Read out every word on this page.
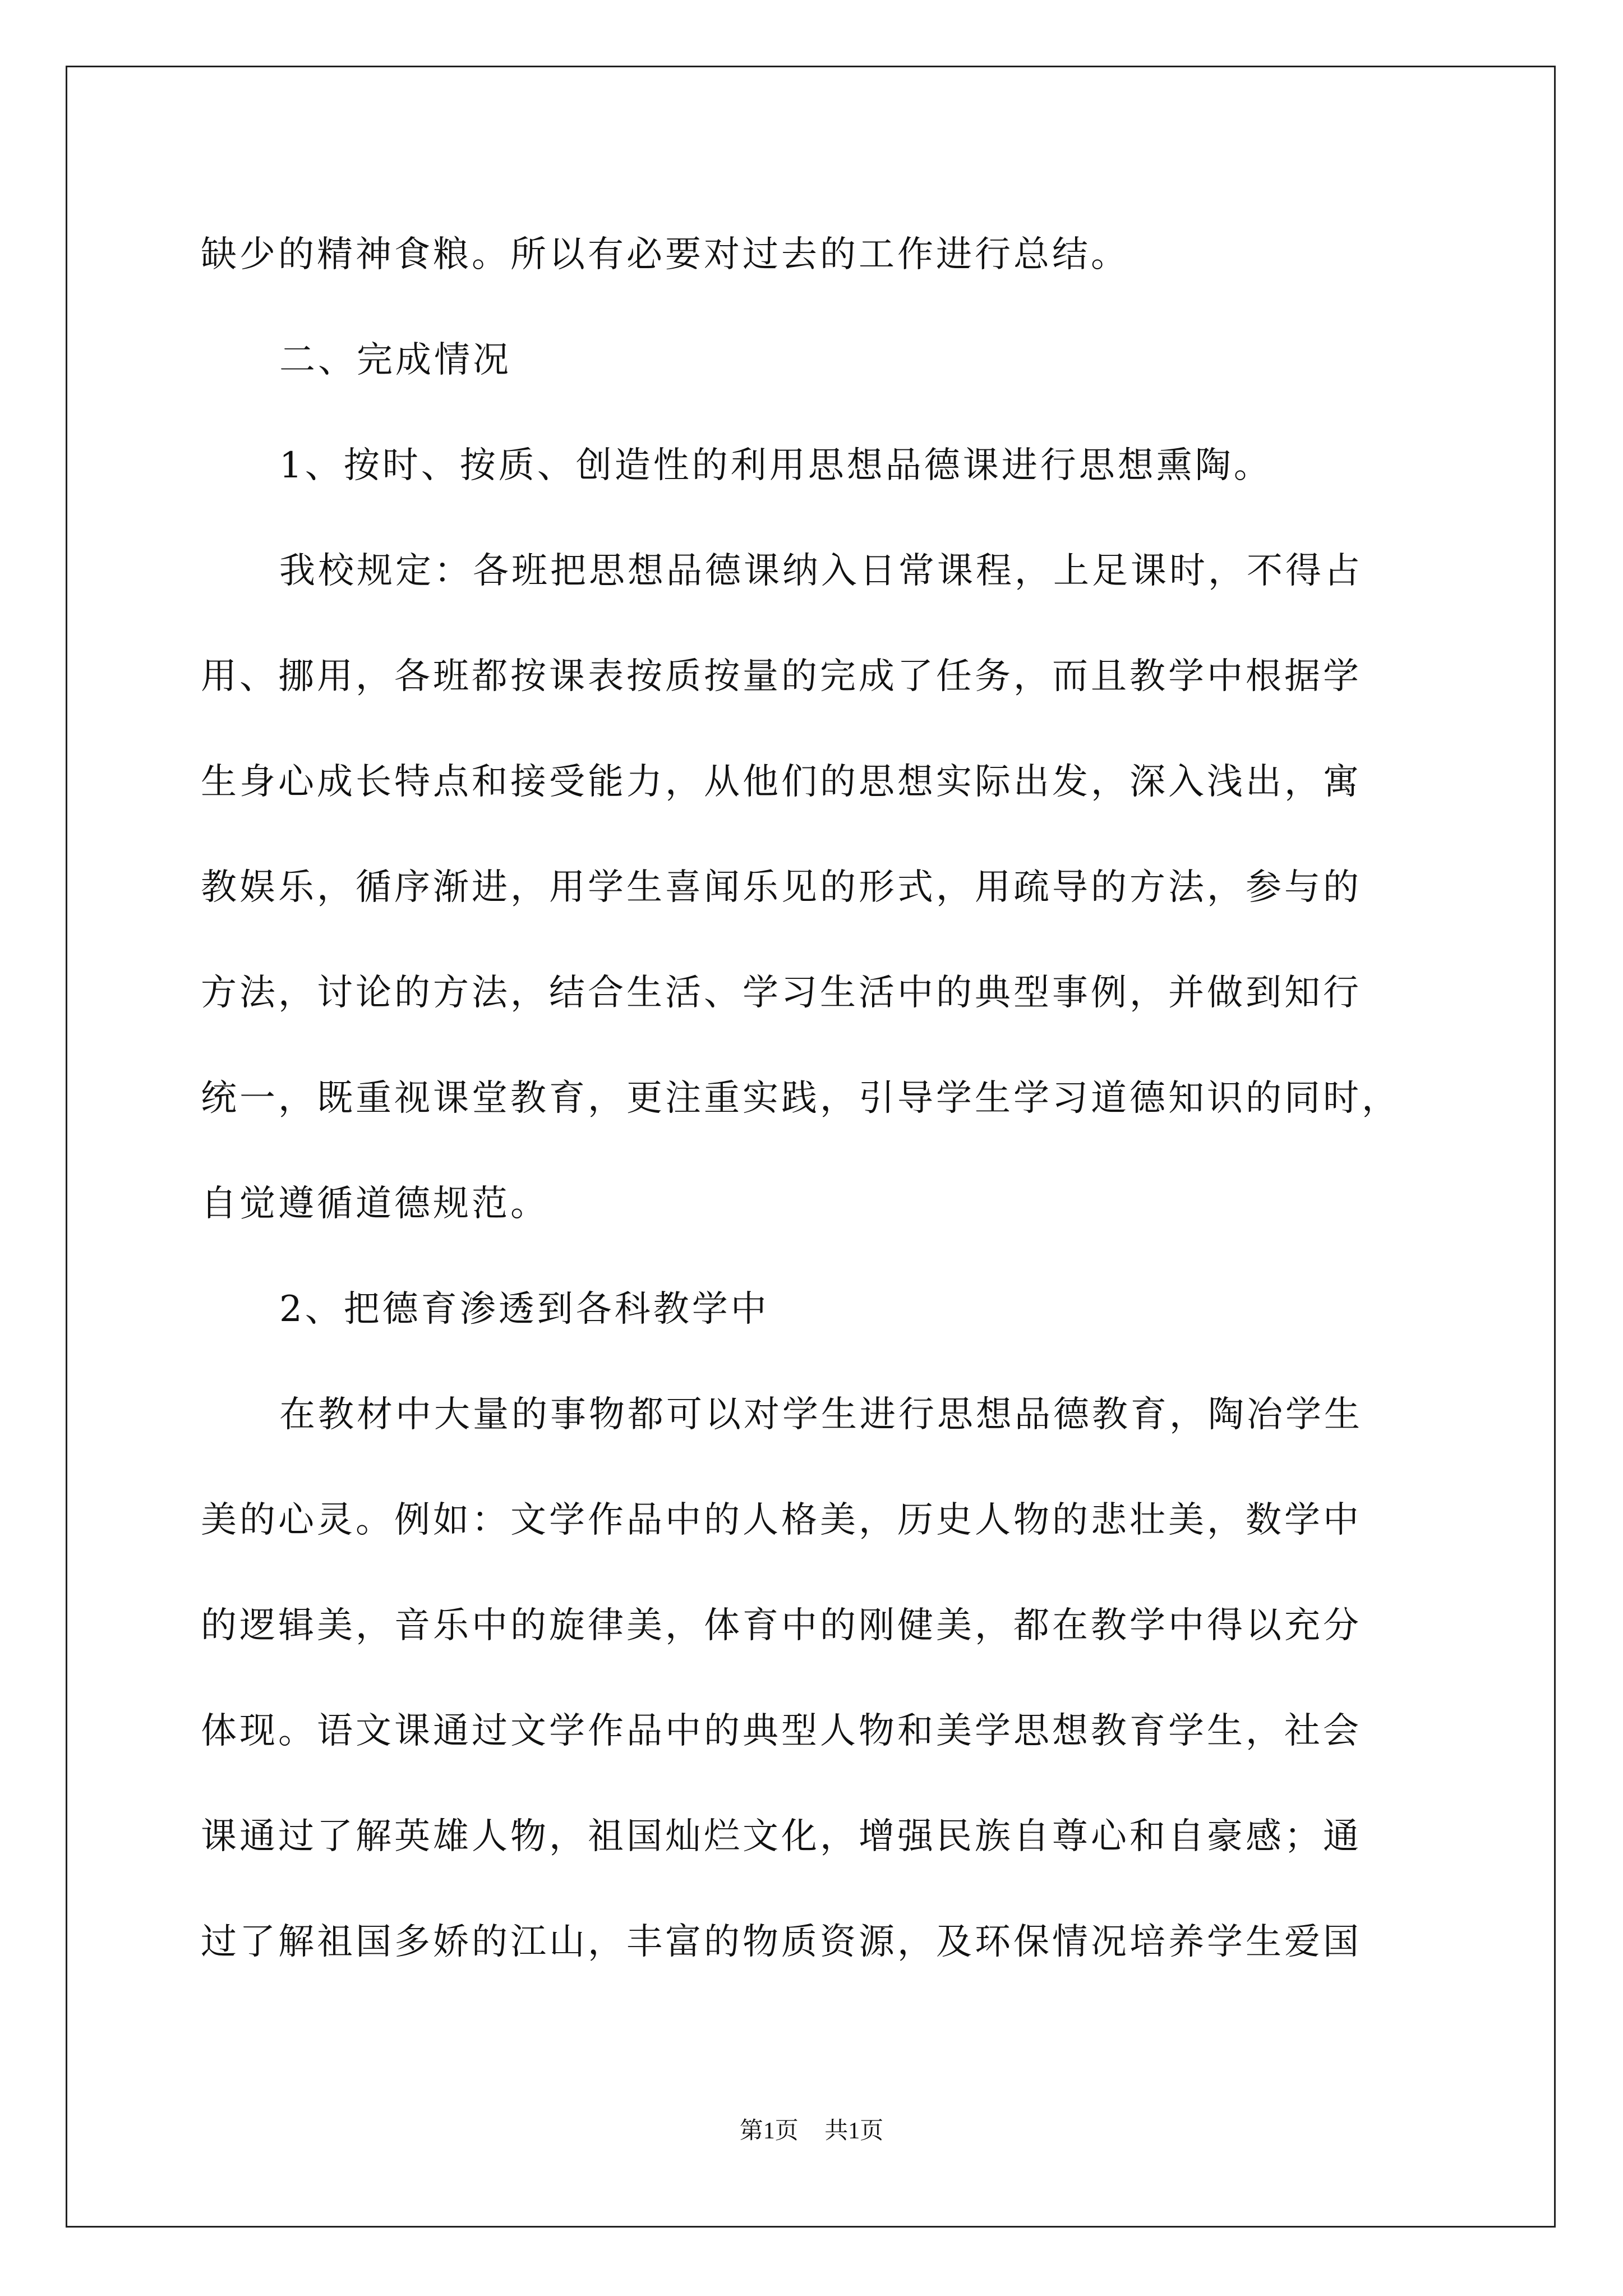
缺少的精神食粮。所以有必要对过去的工作进行总结。
二、完成情况
1、按时、按质、创造性的利用思想品德课进行思想熏陶。
我校规定：各班把思想品德课纳入日常课程，上足课时，不得占
用、挪用，各班都按课表按质按量的完成了任务，而且教学中根据学
生身心成长特点和接受能力，从他们的思想实际出发，深入浅出，寓
教娱乐，循序渐进，用学生喜闻乐见的形式，用疏导的方法，参与的
方法，讨论的方法，结合生活、学习生活中的典型事例，并做到知行
统一，既重视课堂教育，更注重实践，引导学生学习道德知识的同时，
自觉遵循道德规范。
2、把德育渗透到各科教学中
在教材中大量的事物都可以对学生进行思想品德教育，陶冶学生
美的心灵。例如：文学作品中的人格美，历史人物的悲壮美，数学中
的逻辑美，音乐中的旋律美，体育中的刚健美，都在教学中得以充分
体现。语文课通过文学作品中的典型人物和美学思想教育学生，社会
课通过了解英雄人物，祖国灿烂文化，增强民族自尊心和自豪感；通
过了解祖国多娇的江山，丰富的物质资源，及环保情况培养学生爱国
第1页 共1页
